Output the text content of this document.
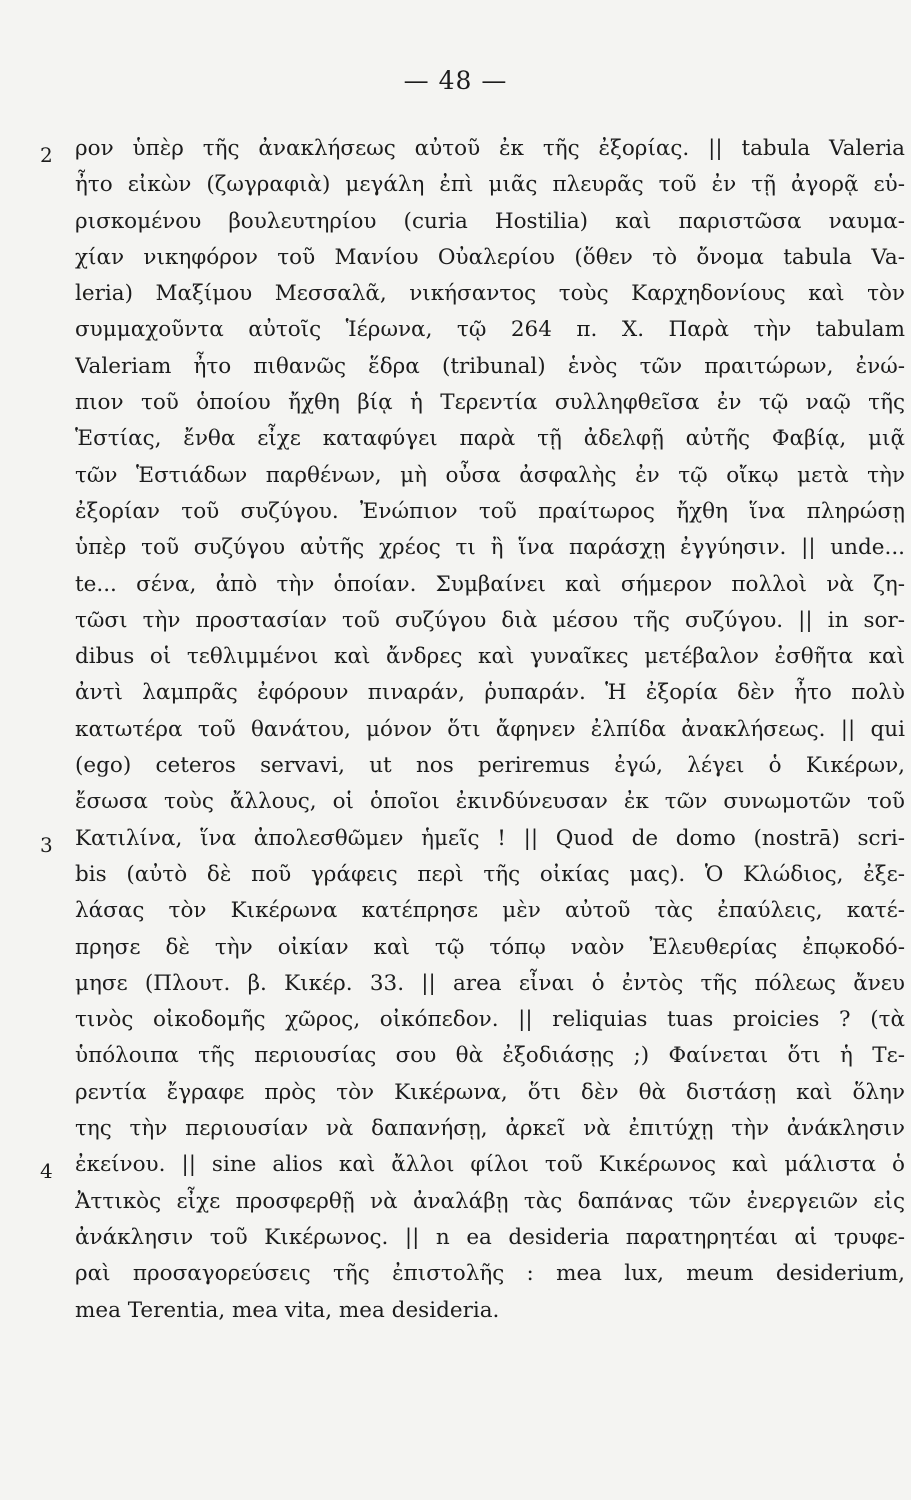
— 48 —
2
3
4
ρον ὑπὲρ τῆς ἀνακλήσεως αὐτοῦ ἐκ τῆς ἐξορίας. || tabula Valeria
ἦτο εἰκὼν (ζωγραφιὰ) μεγάλη ἐπὶ μιᾶς πλευρᾶς τοῦ ἐν τῇ ἀγορᾷ εὑ-
ρισκομένου βουλευτηρίου (curia Hostilia) καὶ παριστῶσα ναυμα-
χίαν νικηφόρον τοῦ Μανίου Οὐαλερίου (ὅθεν τὸ ὄνομα tabula Va-
leria) Μαξίμου Μεσσαλᾶ, νικήσαντος τοὺς Καρχηδονίους καὶ τὸν
συμμαχοῦντα αὐτοῖς Ἱέρωνα, τῷ 264 π. Χ. Παρὰ τὴν tabulam
Valeriam ἦτο πιθανῶς ἕδρα (tribunal) ἑνὸς τῶν πραιτώρων, ἐνώ-
πιον τοῦ ὁποίου ἤχθη βίᾳ ἡ Τερεντία συλληφθεῖσα ἐν τῷ ναῷ τῆς
Ἑστίας, ἔνθα εἶχε καταφύγει παρὰ τῇ ἀδελφῇ αὐτῆς Φαβίᾳ, μιᾷ
τῶν Ἑστιάδων παρθένων, μὴ οὖσα ἀσφαλὴς ἐν τῷ οἴκῳ μετὰ τὴν
ἐξορίαν τοῦ συζύγου. Ἐνώπιον τοῦ πραίτωρος ἤχθη ἵνα πληρώσῃ
ὑπὲρ τοῦ συζύγου αὐτῆς χρέος τι ἢ ἵνα παράσχῃ ἐγγύησιν. || unde...
te... σένα, ἀπὸ τὴν ὁποίαν. Συμβαίνει καὶ σήμερον πολλοὶ νὰ ζη-
τῶσι τὴν προστασίαν τοῦ συζύγου διὰ μέσου τῆς συζύγου. || in sor-
dibus οἱ τεθλιμμένοι καὶ ἄνδρες καὶ γυναῖκες μετέβαλον ἐσθῆτα καὶ
ἀντὶ λαμπρᾶς ἐφόρουν πιναράν, ῥυπαράν. Ἡ ἐξορία δὲν ἦτο πολὺ
κατωτέρα τοῦ θανάτου, μόνον ὅτι ἄφηνεν ἐλπίδα ἀνακλήσεως. || qui
(ego) ceteros servavi, ut nos periremus ἐγώ, λέγει ὁ Κικέρων,
ἔσωσα τοὺς ἄλλους, οἱ ὁποῖοι ἐκινδύνευσαν ἐκ τῶν συνωμοτῶν τοῦ
Κατιλίνα, ἵνα ἀπολεσθῶμεν ἡμεῖς ! || Quod de domo (nostrā) scri-
bis (αὐτὸ δὲ ποῦ γράφεις περὶ τῆς οἰκίας μας). Ὁ Κλώδιος, ἐξε-
λάσας τὸν Κικέρωνα κατέπρησε μὲν αὐτοῦ τὰς ἐπαύλεις, κατέ-
πρησε δὲ τὴν οἰκίαν καὶ τῷ τόπῳ ναὸν Ἐλευθερίας ἐπῳκοδό-
μησε (Πλουτ. β. Κικέρ. 33. || area εἶναι ὁ ἐντὸς τῆς πόλεως ἄνευ
τινὸς οἰκοδομῆς χῶρος, οἰκόπεδον. || reliquias tuas proicies ? (τὰ
ὑπόλοιπα τῆς περιουσίας σου θὰ ἐξοδιάσῃς ;) Φαίνεται ὅτι ἡ Τε-
ρεντία ἔγραφε πρὸς τὸν Κικέρωνα, ὅτι δὲν θὰ διστάσῃ καὶ ὅλην
της τὴν περιουσίαν νὰ δαπανήσῃ, ἀρκεῖ νὰ ἐπιτύχῃ τὴν ἀνάκλησιν
ἐκείνου. || sine alios καὶ ἄλλοι φίλοι τοῦ Κικέρωνος καὶ μάλιστα ὁ
Ἀττικὸς εἶχε προσφερθῇ νὰ ἀναλάβῃ τὰς δαπάνας τῶν ἐνεργειῶν εἰς
ἀνάκλησιν τοῦ Κικέρωνος. || n ea desideria παρατηρητέαι αἱ τρυφε-
ραὶ προσαγορεύσεις τῆς ἐπιστολῆς : mea lux, meum desiderium,
mea Terentia, mea vita, mea desideria.
